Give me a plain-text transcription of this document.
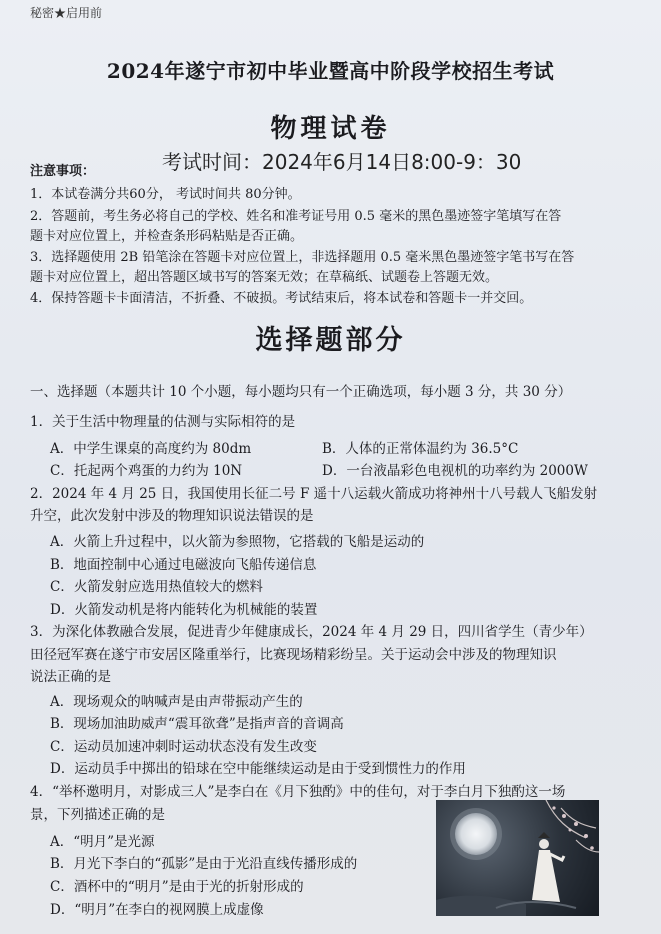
秘密★启用前
2024年遂宁市初中毕业暨高中阶段学校招生考试
物理试卷
考试时间：2024年6月14日8:00-9：30
注意事项：
1．本试卷满分共60分， 考试时间共 80分钟。
2．答题前，考生务必将自己的学校、姓名和准考证号用 0.5 毫米的黑色墨迹签字笔填写在答
题卡对应位置上，并检查条形码粘贴是否正确。
3．选择题使用 2B 铅笔涂在答题卡对应位置上，非选择题用 0.5 毫米黑色墨迹签字笔书写在答
题卡对应位置上，超出答题区域书写的答案无效；在草稿纸、试题卷上答题无效。
4．保持答题卡卡面清洁，不折叠、不破损。考试结束后，将本试卷和答题卡一并交回。
选择题部分
一、选择题（本题共计 10 个小题，每小题均只有一个正确选项，每小题 3 分，共 30 分）
1．关于生活中物理量的估测与实际相符的是
A．中学生课桌的高度约为 80dm	B．人体的正常体温约为 36.5°C
C．托起两个鸡蛋的力约为 10N	D．一台液晶彩色电视机的功率约为 2000W
2．2024 年 4 月 25 日，我国使用长征二号 F 遥十八运载火箭成功将神州十八号载人飞船发射
升空，此次发射中涉及的物理知识说法错误的是
A．火箭上升过程中，以火箭为参照物，它搭载的飞船是运动的
B．地面控制中心通过电磁波向飞船传递信息
C．火箭发射应选用热值较大的燃料
D．火箭发动机是将内能转化为机械能的装置
3．为深化体教融合发展，促进青少年健康成长，2024 年 4 月 29 日，四川省学生（青少年）
田径冠军赛在遂宁市安居区隆重举行，比赛现场精彩纷呈。关于运动会中涉及的物理知识
说法正确的是
A．现场观众的呐喊声是由声带振动产生的
B．现场加油助威声“震耳欲聋”是指声音的音调高
C．运动员加速冲刺时运动状态没有发生改变
D．运动员手中掷出的铅球在空中能继续运动是由于受到惯性力的作用
4．“举杯邀明月，对影成三人”是李白在《月下独酌》中的佳句，对于李白月下独酌这一场
景，下列描述正确的是
A．“明月”是光源
B．月光下李白的“孤影”是由于光沿直线传播形成的
C．酒杯中的“明月”是由于光的折射形成的
D．“明月”在李白的视网膜上成虚像
